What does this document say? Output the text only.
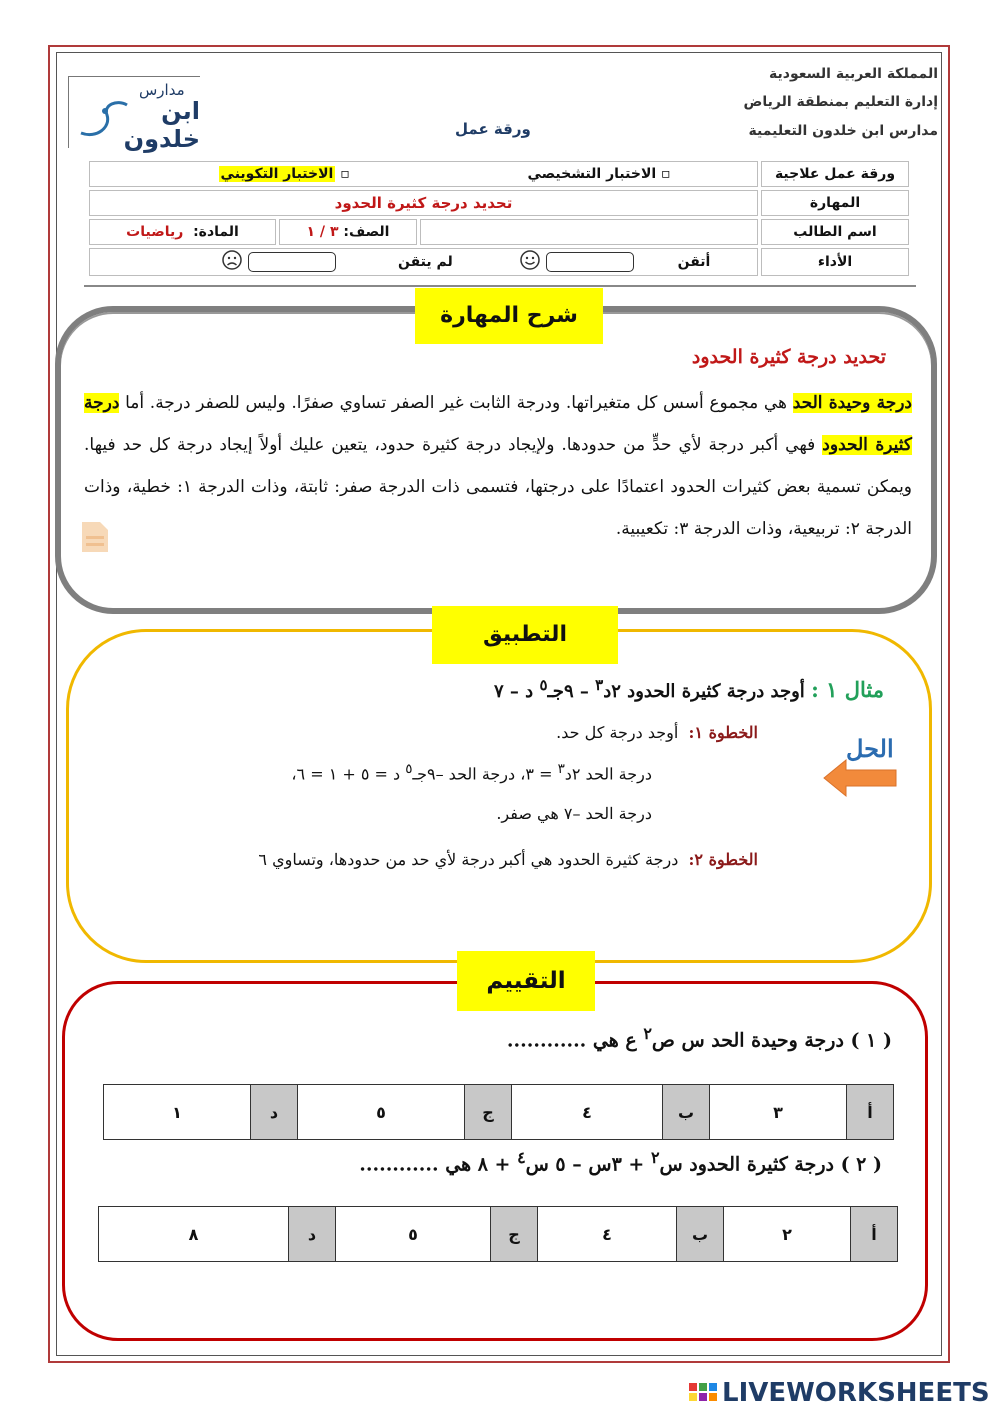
المملكة العربية السعودية
إدارة التعليم بمنطقة الرياض
مدارس ابن خلدون التعليمية
مدارس
ابن خلدون	ورقة عمل
ورقة عمل علاجية	▫ الاختبار التشخيصي ▫ الاختبار التكويني		
المهارة	تحديد درجة كثيرة الحدود		
اسم الطالب		الصف: ٣ / ١	المادة:  رياضيات
الأداء	أتقن   لم يتقن		
شرح المهارة
تحديد درجة كثيرة الحدود
درجة وحيدة الحد هي مجموع أسس كل متغيراتها. ودرجة الثابت غير الصفر تساوي صفرًا. وليس للصفر درجة. أما درجة كثيرة الحدود فهي أكبر درجة لأي حدٍّ من حدودها. ولإيجاد درجة كثيرة حدود، يتعين عليك أولاً إيجاد درجة كل حد فيها. ويمكن تسمية بعض كثيرات الحدود اعتمادًا على درجتها، فتسمى ذات الدرجة صفر: ثابتة، وذات الدرجة ١: خطية، وذات الدرجة ٢: تربيعية، وذات الدرجة ٣: تكعيبية.
التطبيق
مثال ١ : أوجد درجة كثيرة الحدود ٢د$^٣$ – ٩جـ$^٥$ د – ٧
الحل
الخطوة ١:  أوجد درجة كل حد.
درجة الحد ٢د$^٣$ = ٣، درجة الحد –٩جـ$^٥$ د = ٥ + ١ = ٦،
درجة الحد –٧ هي صفر.
الخطوة ٢:  درجة كثيرة الحدود هي أكبر درجة لأي حد من حدودها، وتساوي ٦
التقييم
( ١ ) درجة وحيدة الحد س ص$^٢$ ع هي ............
أ	٣	ب	٤	ج	٥	د	١
( ٢ ) درجة كثيرة الحدود س$^٢$ + ٣س – ٥ س$^٤$ + ٨ هي ............
أ	٢	ب	٤	ج	٥	د	٨
LIVEWORKSHEETS
